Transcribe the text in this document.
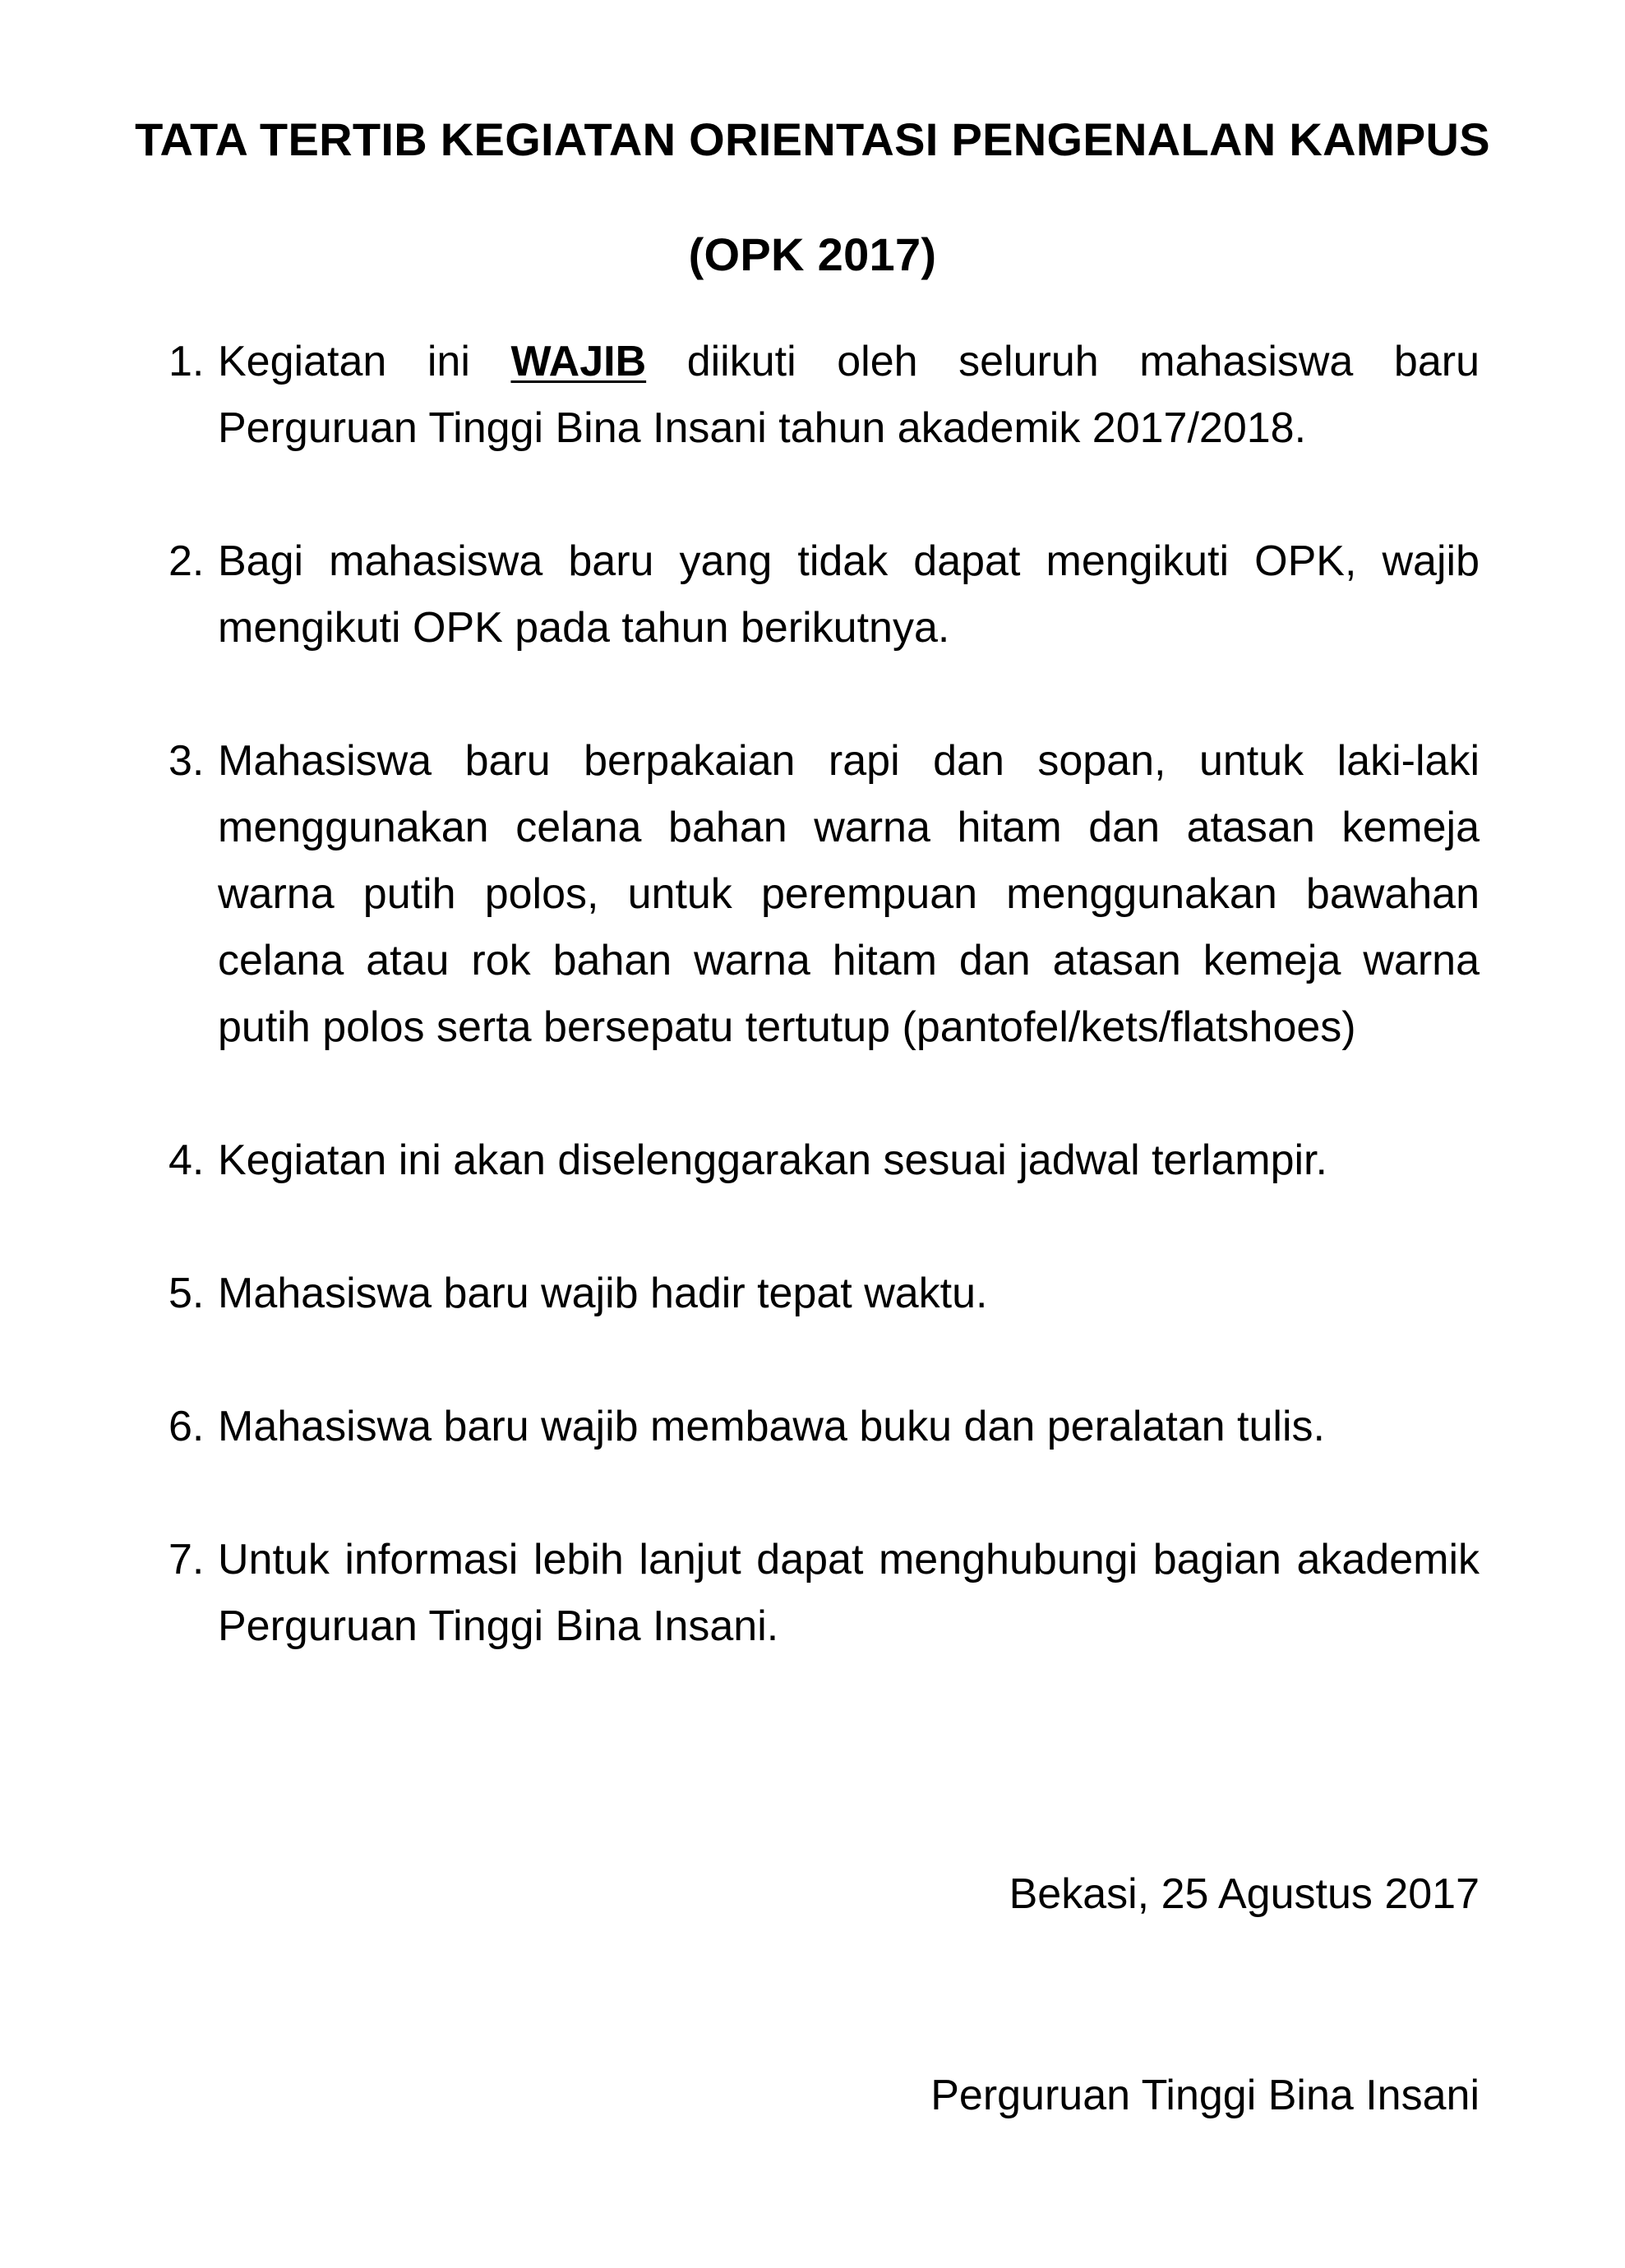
TATA TERTIB KEGIATAN ORIENTASI PENGENALAN KAMPUS
(OPK 2017)
1. Kegiatan ini WAJIB diikuti oleh seluruh mahasiswa baru Perguruan Tinggi Bina Insani tahun akademik 2017/2018.
2. Bagi mahasiswa baru yang tidak dapat mengikuti OPK, wajib mengikuti OPK pada tahun berikutnya.
3. Mahasiswa baru berpakaian rapi dan sopan, untuk laki-laki menggunakan celana bahan warna hitam dan atasan kemeja warna putih polos, untuk perempuan menggunakan bawahan celana atau rok bahan warna hitam dan atasan kemeja warna putih polos serta bersepatu tertutup (pantofel/kets/flatshoes)
4. Kegiatan ini akan diselenggarakan sesuai jadwal terlampir.
5. Mahasiswa baru wajib hadir tepat waktu.
6. Mahasiswa baru wajib membawa buku dan peralatan tulis.
7. Untuk informasi lebih lanjut dapat menghubungi bagian akademik Perguruan Tinggi Bina Insani.
Bekasi, 25 Agustus 2017
Perguruan Tinggi Bina Insani
